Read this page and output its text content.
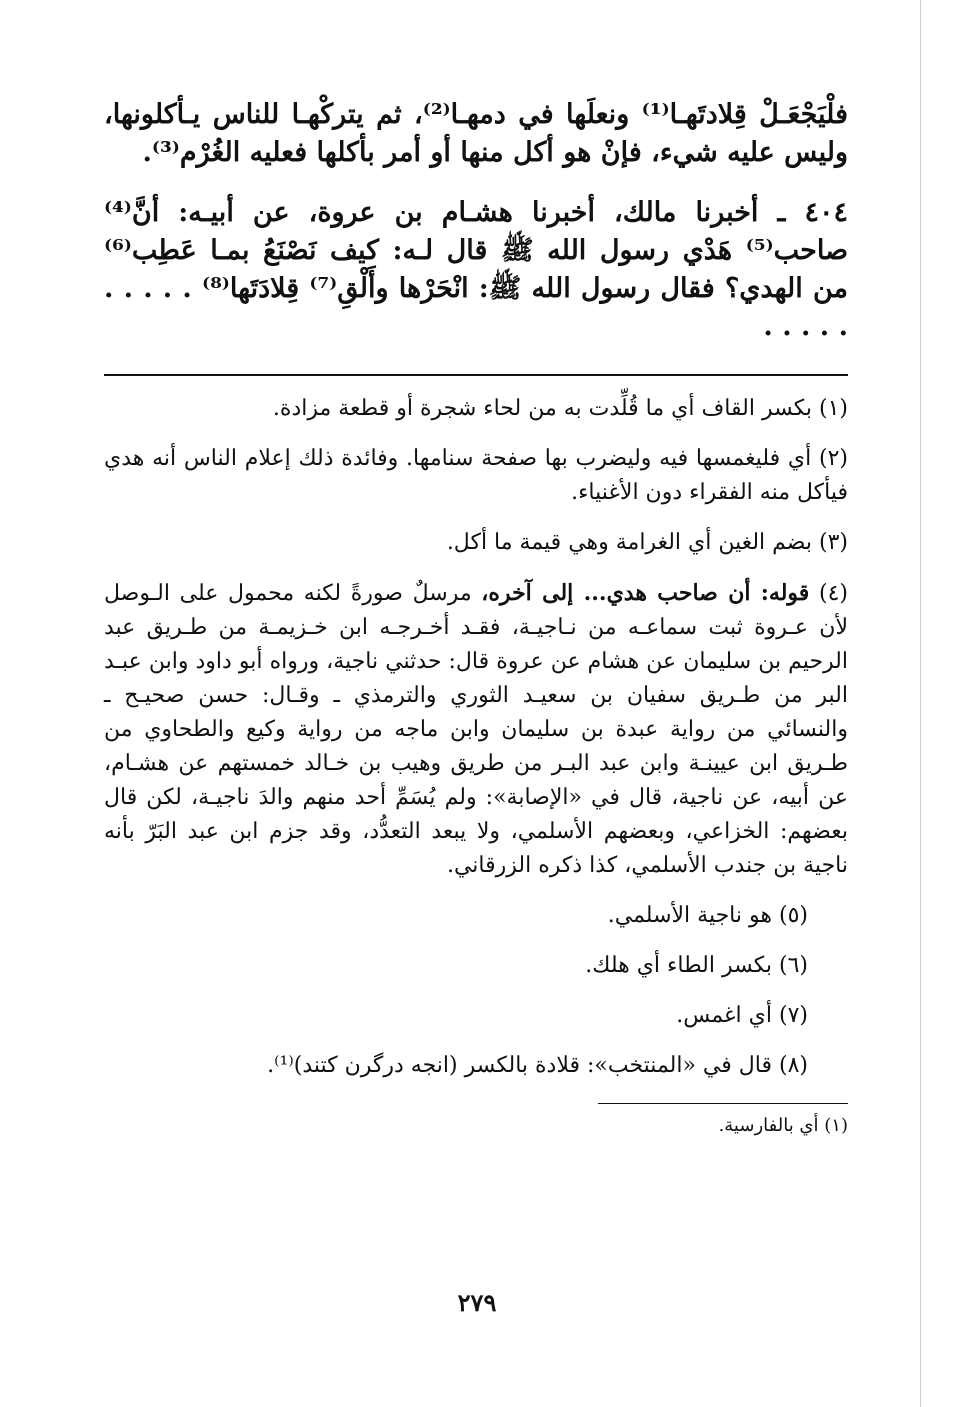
فلْيَجْعَـلْ قِلادتَهـا⁽¹⁾ ونعلَها في دمهـا⁽²⁾، ثم يتركْهـا للناس يـأكلونها، وليس عليه شيء، فإنْ هو أكل منها أو أمر بأكلها فعليه الغُرْم⁽³⁾.

٤٠٤ ـ أخبرنا مالك، أخبرنا هشـام بن عروة، عن أبيـه: أنَّ⁽⁴⁾ صاحب⁽⁵⁾ هَدْي رسول الله ﷺ قال لـه: كيف نَصْنَعُ بمـا عَطِب⁽⁶⁾ من الهدي؟ فقال رسول الله ﷺ: انْحَرْها وأَلْقِ⁽⁷⁾ قِلادَتَها⁽⁸⁾ . . . . . . . . . .

(١) بكسر القاف أي ما قُلِّدت به من لحاء شجرة أو قطعة مزادة.

(٢) أي فليغمسها فيه وليضرب بها صفحة سنامها. وفائدة ذلك إعلام الناس أنه هدي فيأكل منه الفقراء دون الأغنياء.

(٣) بضم الغين أي الغرامة وهي قيمة ما أكل.

(٤) قوله: أن صاحب هدي... إلى آخره، مرسلٌ صورةً لكنه محمول على الـوصل لأن عـروة ثبت سماعـه من نـاجيـة، فقـد أخـرجـه ابن خـزيمـة من طـريق عبد الرحيم بن سليمان عن هشام عن عروة قال: حدثني ناجية، ورواه أبو داود وابن عبـد البر من طـريق سفيان بن سعيـد الثوري والترمذي ـ وقـال: حسن صحيـح ـ والنسائي من رواية عبدة بن سليمان وابن ماجه من رواية وكيع والطحاوي من طـريق ابن عيينـة وابن عبد البـر من طريق وهيب بن خـالد خمستهم عن هشـام، عن أبيه، عن ناجية، قال في «الإصابة»: ولم يُسَمِّ أحد منهم والدَ ناجيـة، لكن قال بعضهم: الخزاعي، وبعضهم الأسلمي، ولا يبعد التعدُّد، وقد جزم ابن عبد البَرّ بأنه ناجية بن جندب الأسلمي، كذا ذكره الزرقاني.

(٥) هو ناجية الأسلمي.

(٦) بكسر الطاء أي هلك.

(٧) أي اغمس.

(٨) قال في «المنتخب»: قلادة بالكسر (انجه درگرن كتند)⁽¹⁾.

(١) أي بالفارسية.
٢٧٩
